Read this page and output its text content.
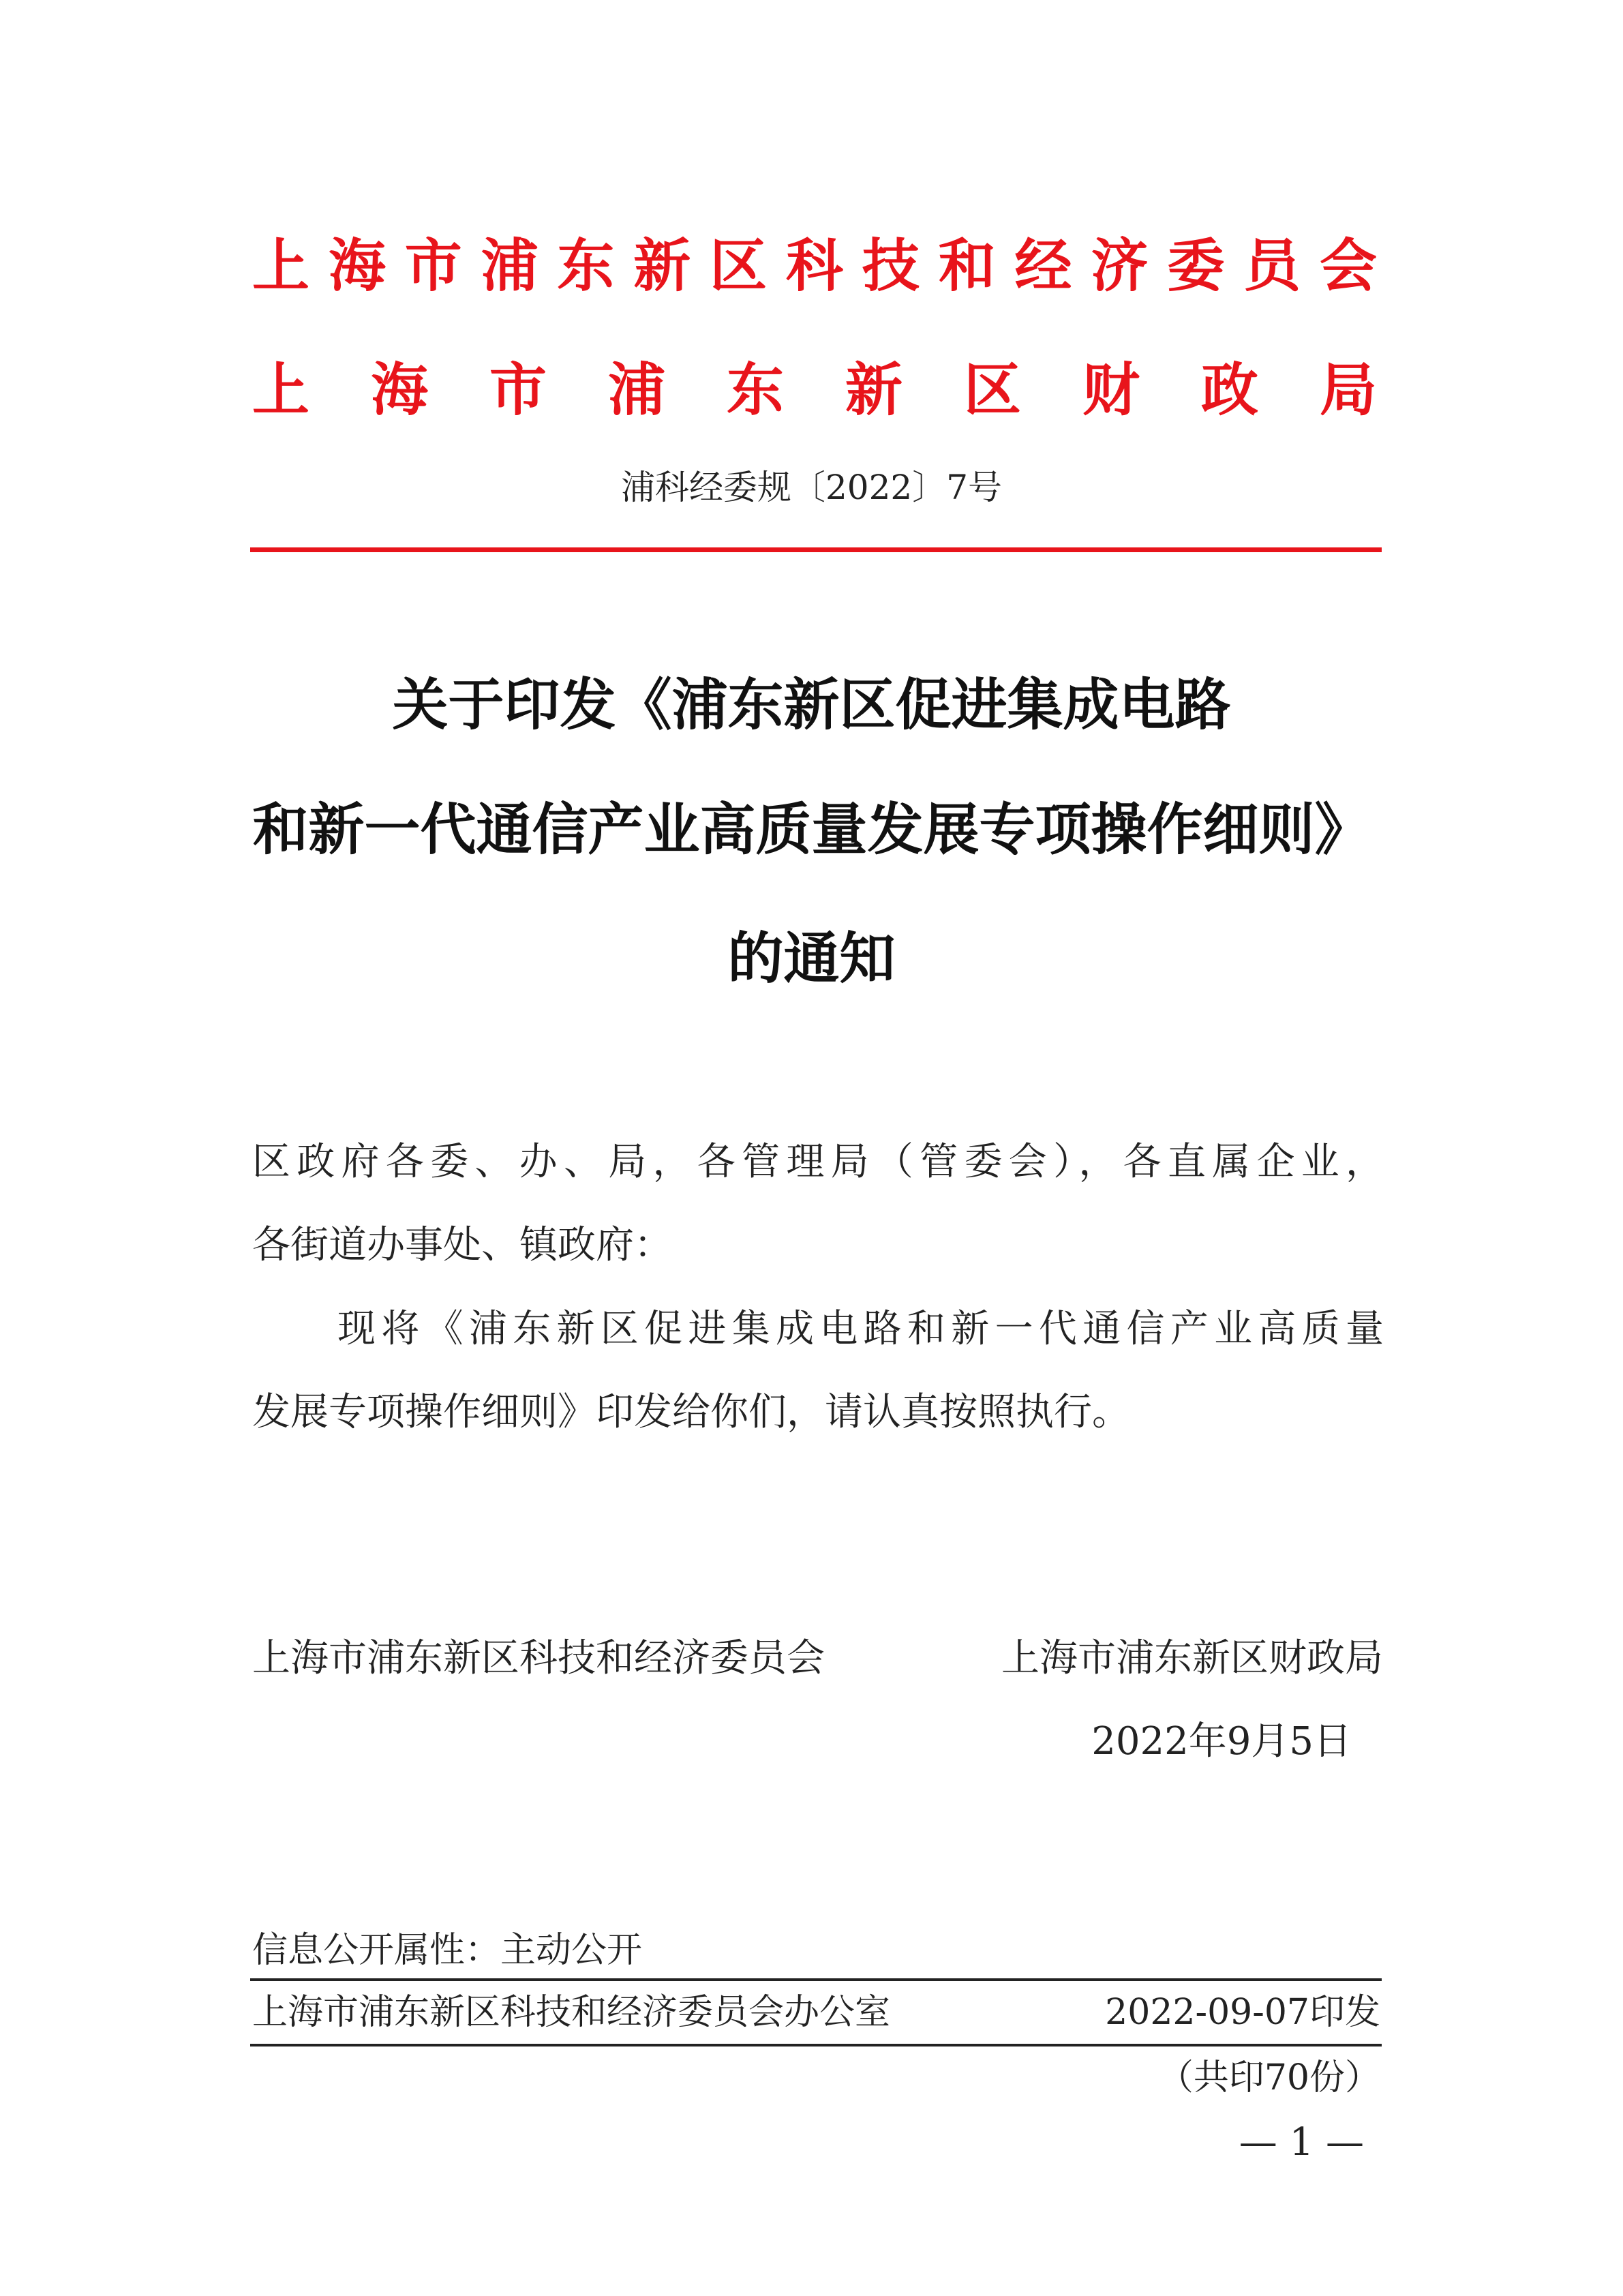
上海市浦东新区科技和经济委员会
上海市浦东新区财政局
浦科经委规〔2022〕7号
关于印发《浦东新区促进集成电路
和新一代通信产业高质量发展专项操作细则》
的通知
区政府各委、办、局，各管理局（管委会），各直属企业，
各街道办事处、镇政府：
现将《浦东新区促进集成电路和新一代通信产业高质量
发展专项操作细则》印发给你们，请认真按照执行。
上海市浦东新区科技和经济委员会	上海市浦东新区财政局
2022年9月5日
信息公开属性：主动公开
上海市浦东新区科技和经济委员会办公室	2022-09-07印发
（共印70份）
— 1 —
